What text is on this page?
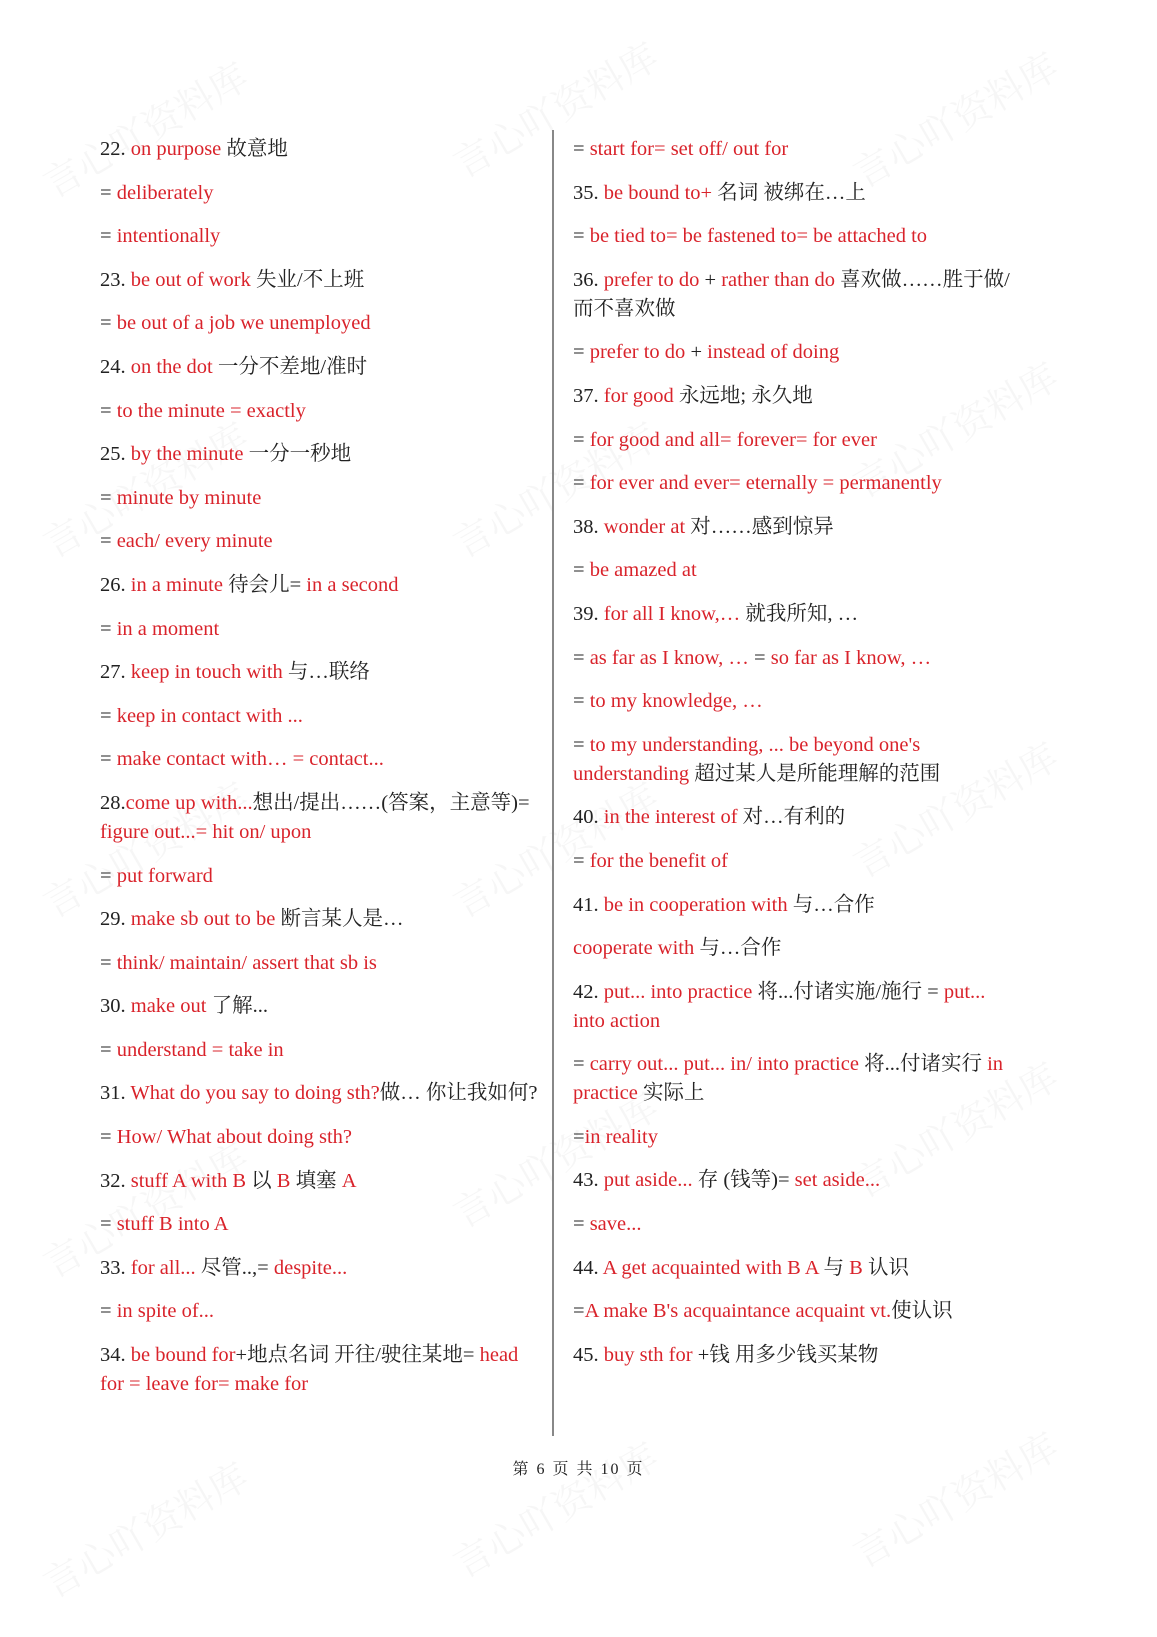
22. on purpose 故意地
= deliberately
= intentionally
23. be out of work 失业/不上班
= be out of a job we unemployed
24. on the dot 一分不差地/准时
= to the minute = exactly
25. by the minute 一分一秒地
= minute by minute
= each/ every minute
26. in a minute 待会儿= in a second
= in a moment
27. keep in touch with 与…联络
= keep in contact with ...
= make contact with… = contact...
28.come up with...想出/提出……(答案，主意等)= figure out...= hit on/ upon
= put forward
29. make sb out to be 断言某人是…
= think/ maintain/ assert that sb is
30. make out 了解...
= understand = take in
31. What do you say to doing sth?做… 你让我如何?
= How/ What about doing sth?
32. stuff A with B 以 B 填塞 A
= stuff B into A
33. for all... 尽管..,= despite...
= in spite of...
34. be bound for+地点名词 开往/驶往某地= head for = leave for= make for
= start for= set off/ out for
35. be bound to+ 名词 被绑在…上
= be tied to= be fastened to= be attached to
36. prefer to do + rather than do 喜欢做……胜于做/而不喜欢做
= prefer to do + instead of doing
37. for good 永远地; 永久地
= for good and all= forever= for ever
= for ever and ever= eternally = permanently
38. wonder at 对……感到惊异
= be amazed at
39. for all I know,… 就我所知, …
= as far as I know, … = so far as I know, …
= to my knowledge, …
= to my understanding, ... be beyond one's understanding 超过某人是所能理解的范围
40. in the interest of 对…有利的
= for the benefit of
41. be in cooperation with 与…合作
cooperate with 与…合作
42. put... into practice 将...付诸实施/施行 = put... into action
= carry out... put... in/ into practice 将...付诸实行 in practice 实际上
=in reality
43. put aside... 存 (钱等)= set aside...
= save...
44. A get acquainted with B A 与 B 认识
=A make B's acquaintance acquaint vt.使认识
45. buy sth for +钱 用多少钱买某物
第 6 页 共 10 页
